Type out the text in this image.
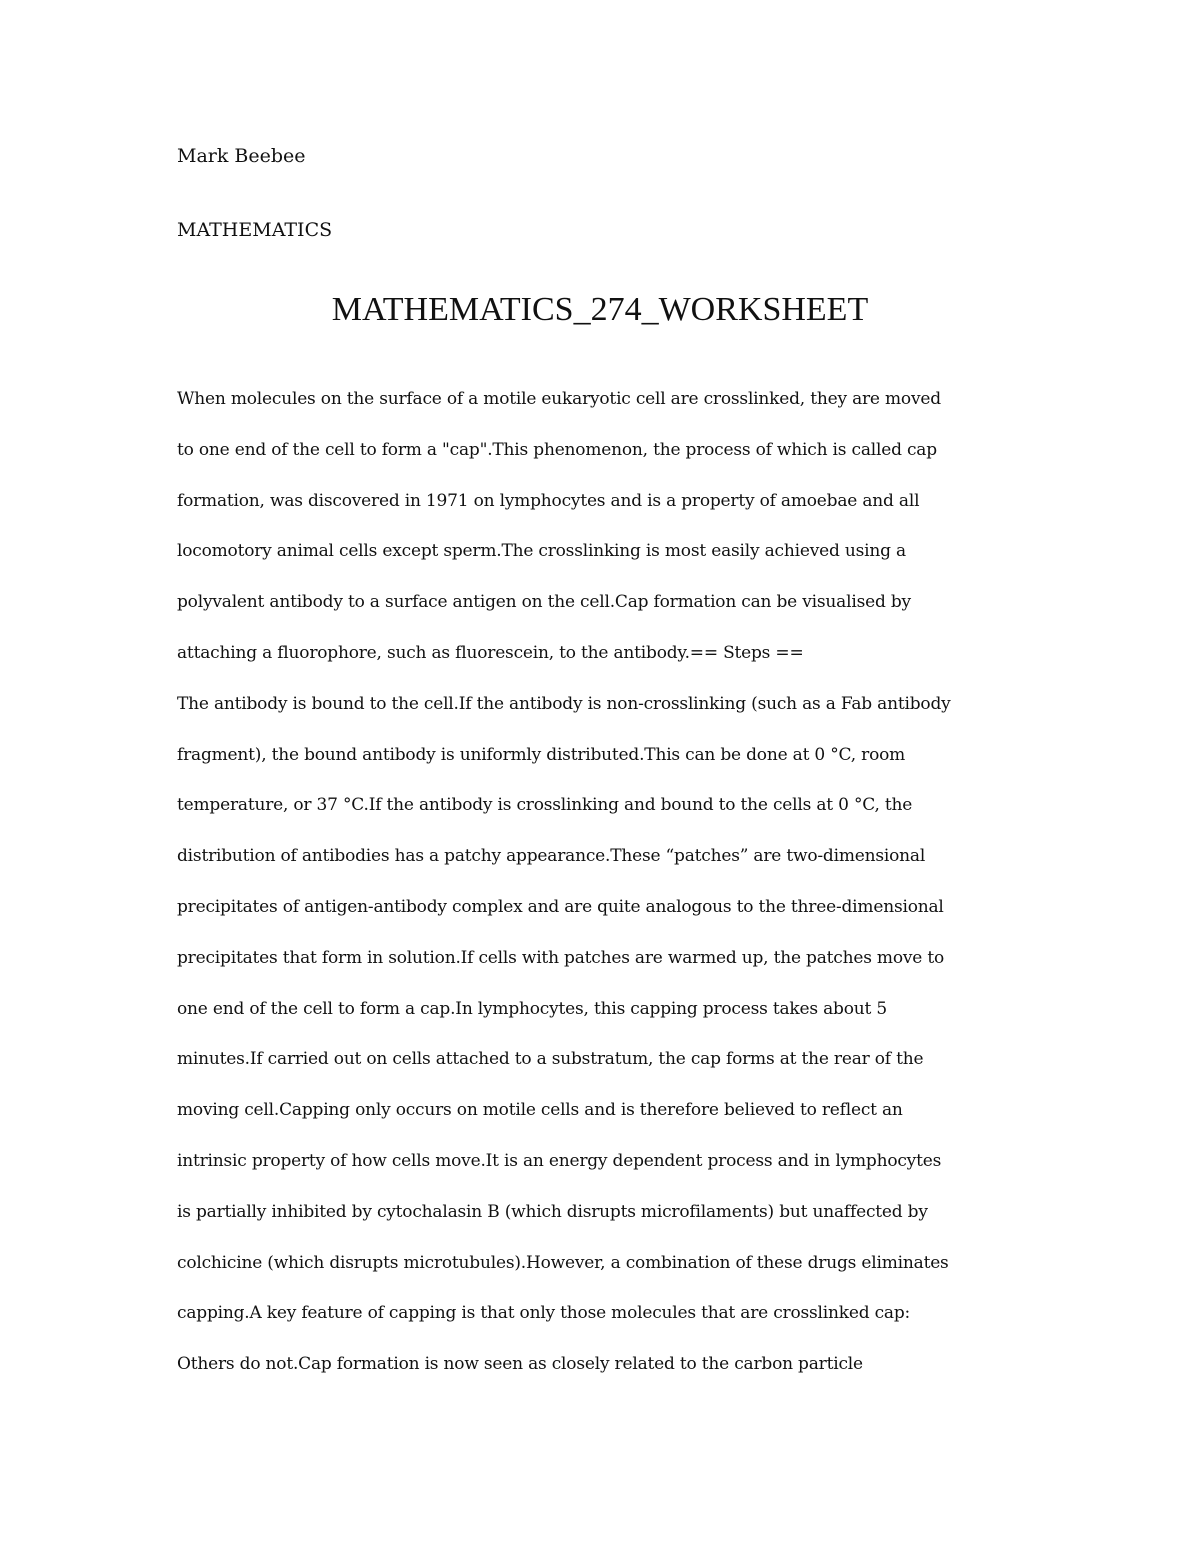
Mark Beebee
MATHEMATICS
MATHEMATICS_274_WORKSHEET
When molecules on the surface of a motile eukaryotic cell are crosslinked, they are moved
to one end of the cell to form a "cap".This phenomenon, the process of which is called cap
formation, was discovered in 1971 on lymphocytes and is a property of amoebae and all
locomotory animal cells except sperm.The crosslinking is most easily achieved using a
polyvalent antibody to a surface antigen on the cell.Cap formation can be visualised by
attaching a fluorophore, such as fluorescein, to the antibody.== Steps ==
The antibody is bound to the cell.If the antibody is non-crosslinking (such as a Fab antibody
fragment), the bound antibody is uniformly distributed.This can be done at 0 °C, room
temperature, or 37 °C.If the antibody is crosslinking and bound to the cells at 0 °C, the
distribution of antibodies has a patchy appearance.These “patches” are two-dimensional
precipitates of antigen-antibody complex and are quite analogous to the three-dimensional
precipitates that form in solution.If cells with patches are warmed up, the patches move to
one end of the cell to form a cap.In lymphocytes, this capping process takes about 5
minutes.If carried out on cells attached to a substratum, the cap forms at the rear of the
moving cell.Capping only occurs on motile cells and is therefore believed to reflect an
intrinsic property of how cells move.It is an energy dependent process and in lymphocytes
is partially inhibited by cytochalasin B (which disrupts microfilaments) but unaffected by
colchicine (which disrupts microtubules).However, a combination of these drugs eliminates
capping.A key feature of capping is that only those molecules that are crosslinked cap:
Others do not.Cap formation is now seen as closely related to the carbon particle
